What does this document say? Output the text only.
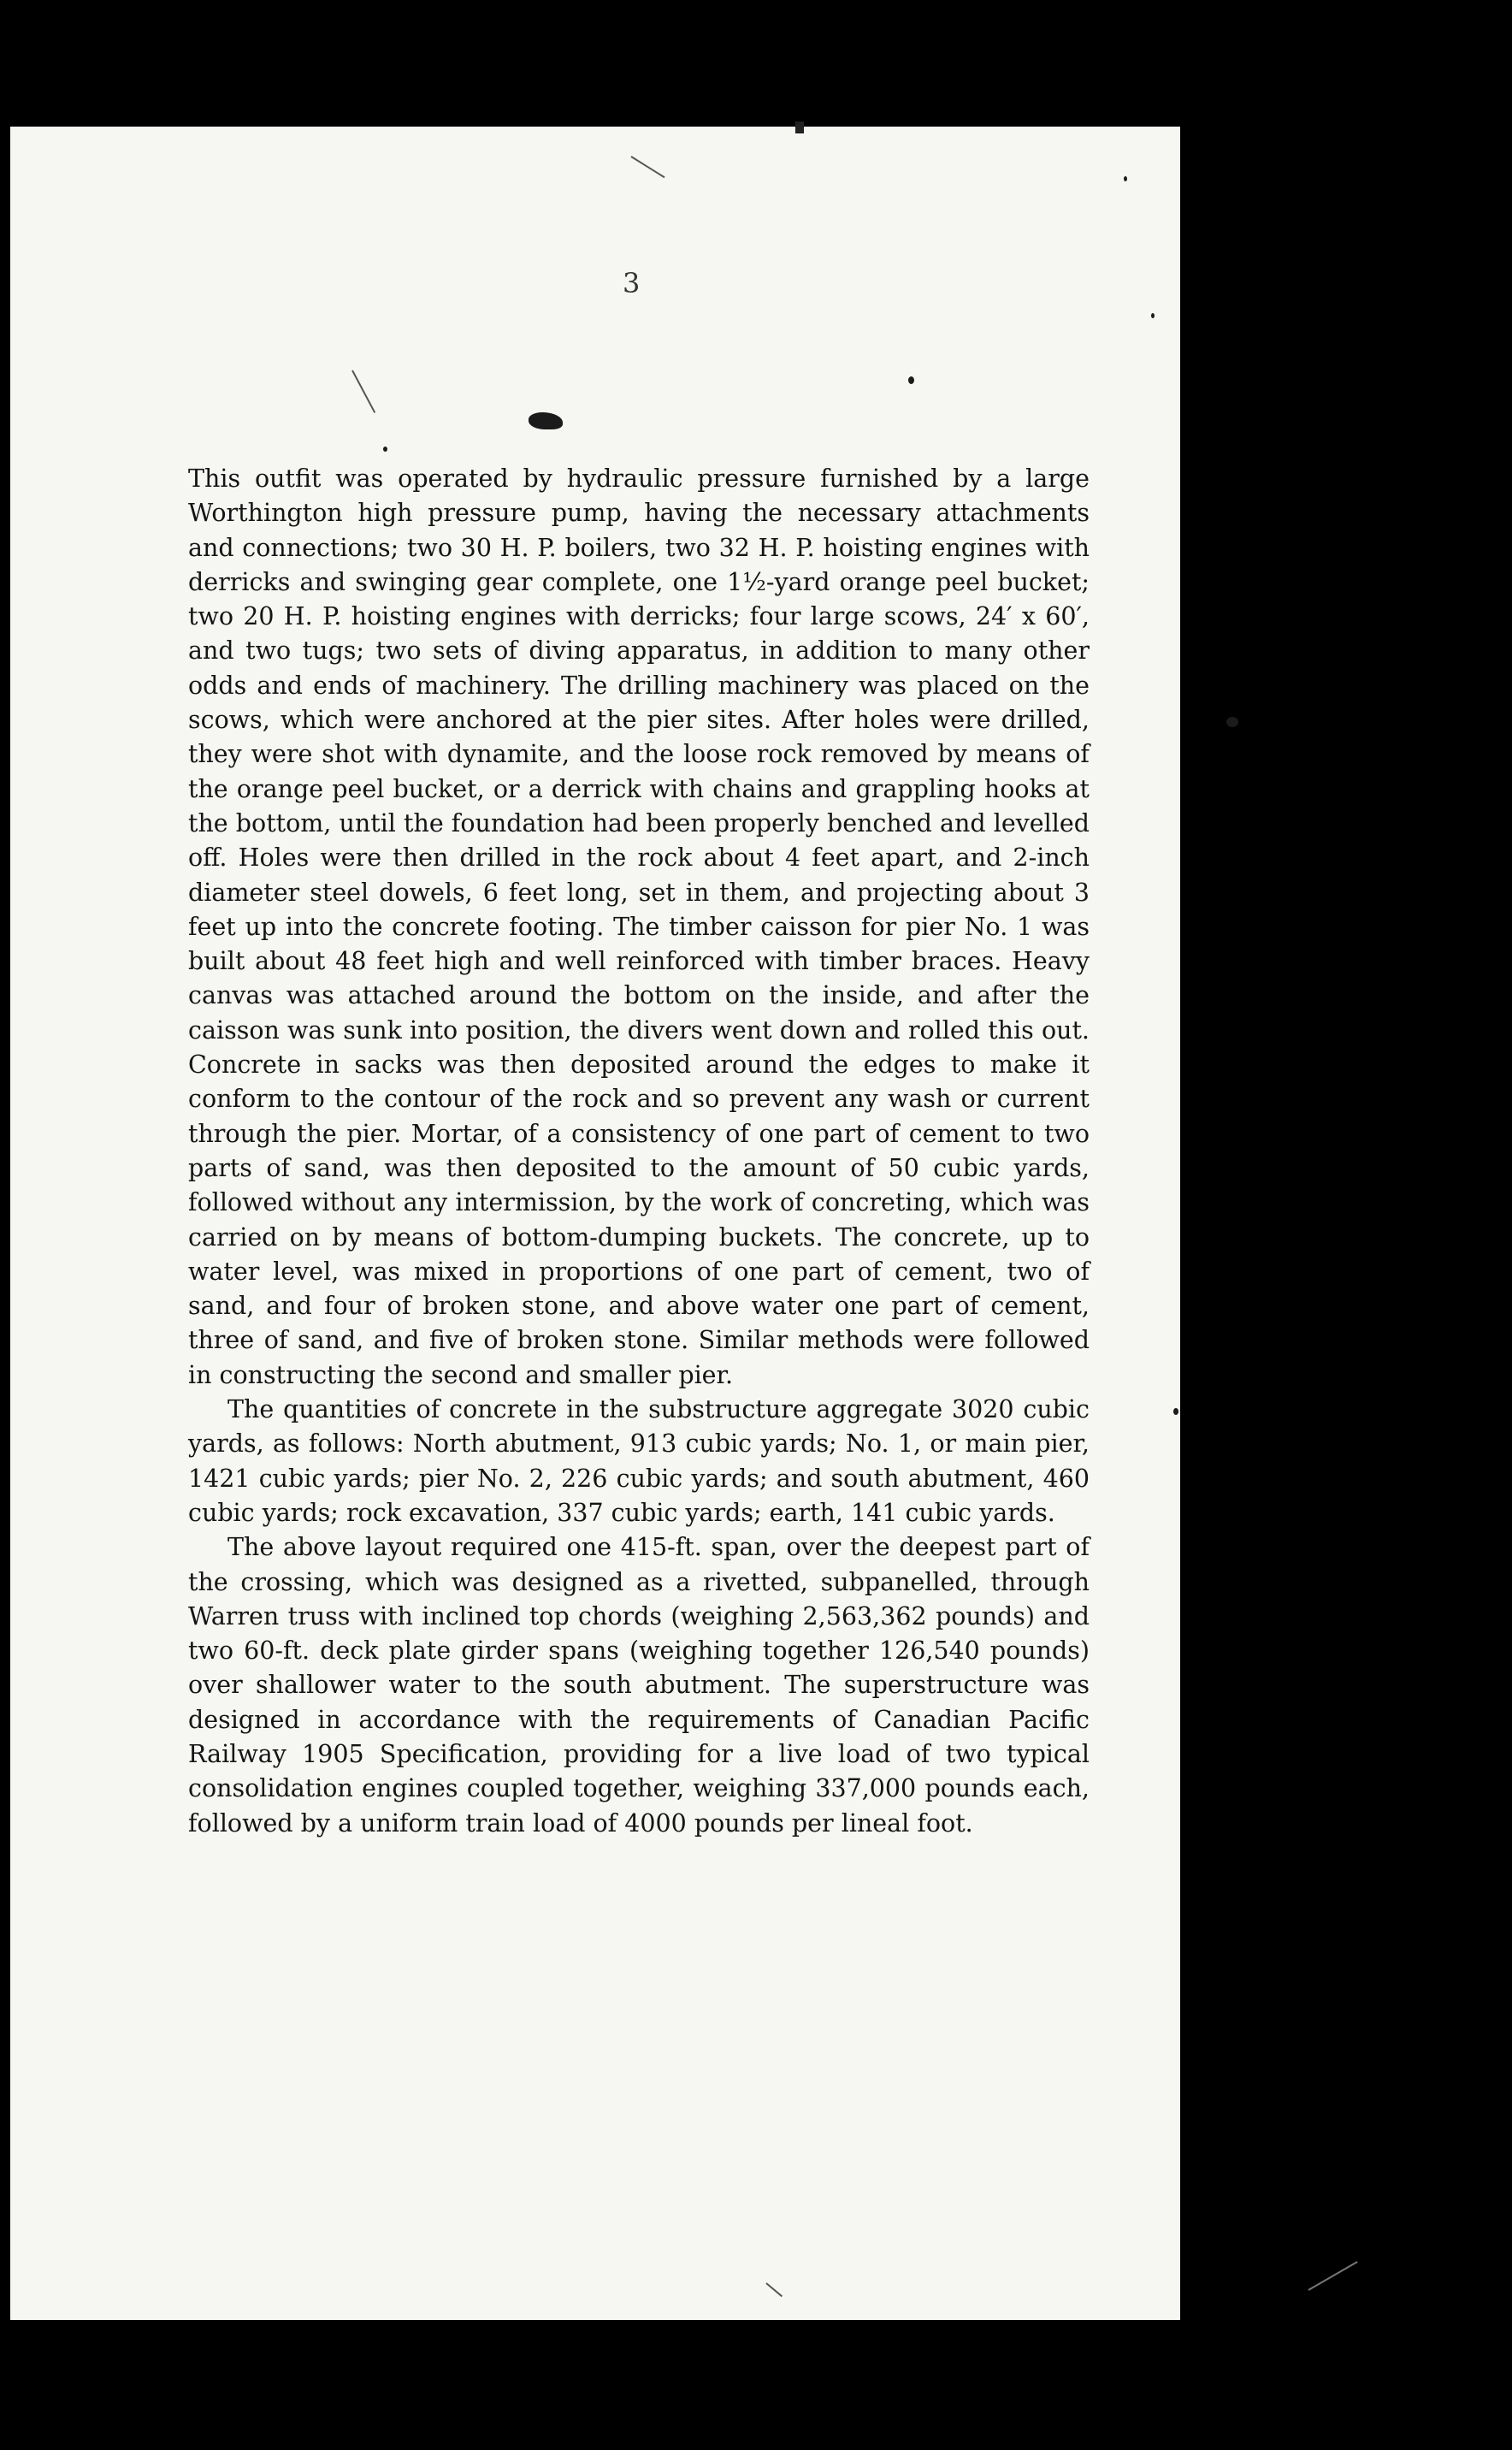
3

This outfit was operated by hydraulic pressure furnished by a large Worthington high pressure pump, having the necessary attachments and connections; two 30 H. P. boilers, two 32 H. P. hoisting engines with derricks and swinging gear complete, one 1½-yard orange peel bucket; two 20 H. P. hoisting engines with derricks; four large scows, 24′ x 60′, and two tugs; two sets of diving apparatus, in addition to many other odds and ends of machinery. The drilling machinery was placed on the scows, which were anchored at the pier sites. After holes were drilled, they were shot with dynamite, and the loose rock removed by means of the orange peel bucket, or a derrick with chains and grappling hooks at the bottom, until the foundation had been properly benched and levelled off. Holes were then drilled in the rock about 4 feet apart, and 2-inch diameter steel dowels, 6 feet long, set in them, and projecting about 3 feet up into the concrete footing. The timber caisson for pier No. 1 was built about 48 feet high and well reinforced with timber braces. Heavy canvas was attached around the bottom on the inside, and after the caisson was sunk into position, the divers went down and rolled this out. Concrete in sacks was then deposited around the edges to make it conform to the contour of the rock and so prevent any wash or current through the pier. Mortar, of a consistency of one part of cement to two parts of sand, was then deposited to the amount of 50 cubic yards, followed without any intermission, by the work of concreting, which was carried on by means of bottom-dumping buckets. The concrete, up to water level, was mixed in proportions of one part of cement, two of sand, and four of broken stone, and above water one part of cement, three of sand, and five of broken stone. Similar methods were followed in constructing the second and smaller pier.

The quantities of concrete in the substructure aggregate 3020 cubic yards, as follows: North abutment, 913 cubic yards; No. 1, or main pier, 1421 cubic yards; pier No. 2, 226 cubic yards; and south abutment, 460 cubic yards; rock excavation, 337 cubic yards; earth, 141 cubic yards.

The above layout required one 415-ft. span, over the deepest part of the crossing, which was designed as a rivetted, subpanelled, through Warren truss with inclined top chords (weighing 2,563,362 pounds) and two 60-ft. deck plate girder spans (weighing together 126,540 pounds) over shallower water to the south abutment. The superstructure was designed in accordance with the requirements of Canadian Pacific Railway 1905 Specification, providing for a live load of two typical consolidation engines coupled together, weighing 337,000 pounds each, followed by a uniform train load of 4000 pounds per lineal foot.
